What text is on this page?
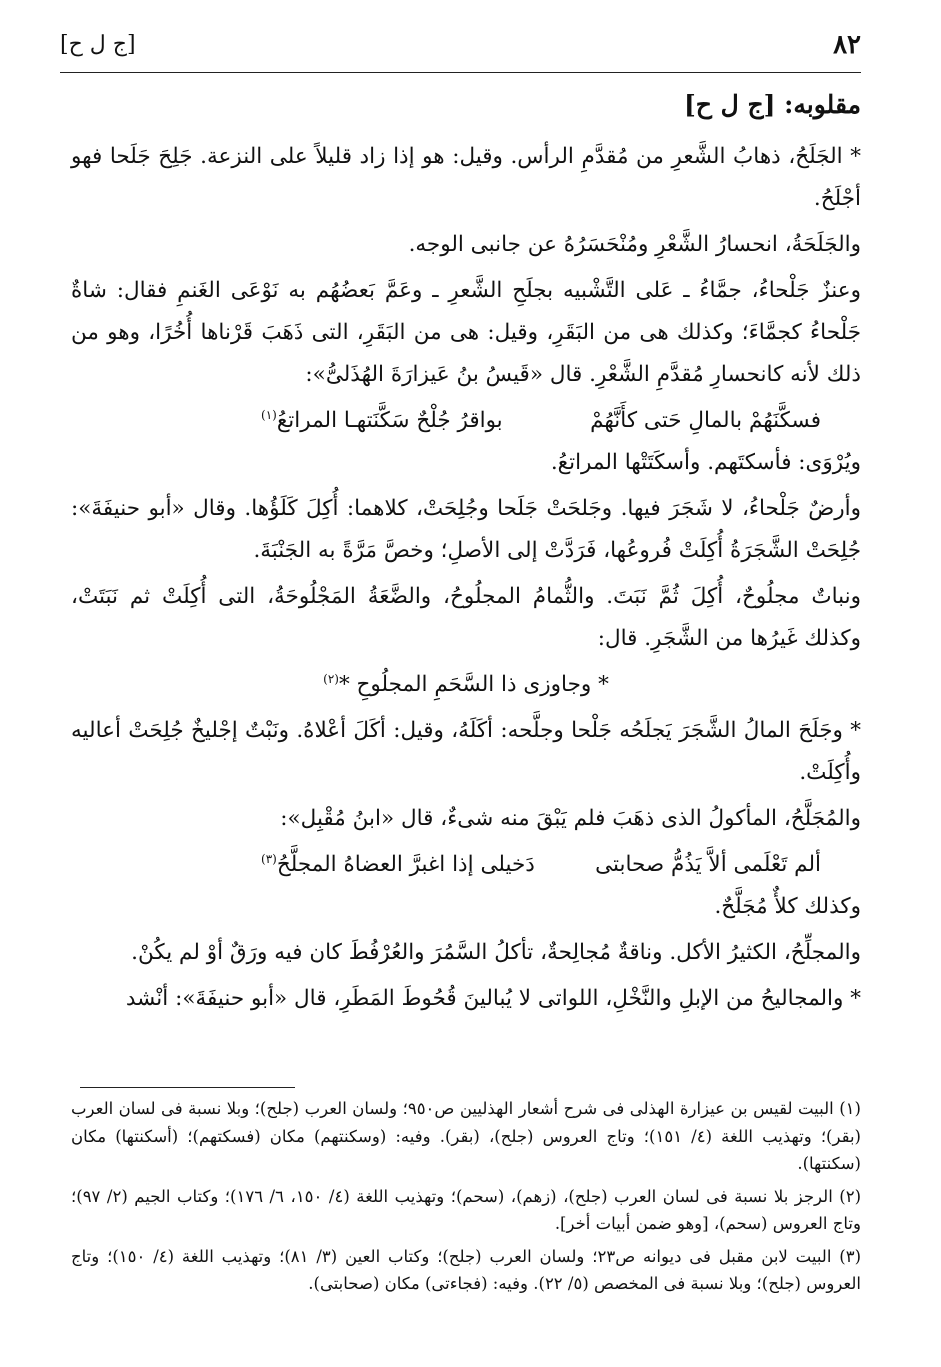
٨٢
[ج ل ح]
مقلوبه: [ج ل ح]

* الجَلَحُ، ذهابُ الشَّعرِ من مُقدَّمِ الرأس. وقيل: هو إذا زاد قليلاً على النزعة. جَلِحَ جَلَحا فهو أجْلَحُ.

والجَلَحَةُ، انحسارُ الشَّعْرِ ومُنْحَسَرُهُ عن جانبى الوجه.

وعنزٌ جَلْحاءُ، جمَّاءُ ـ عَلى التَّشْبيه بجلَحِ الشَّعرِ ـ وعَمَّ بَعضُهُم به نَوْعَى الغَنمِ فقال: شاةٌ جَلْحاءُ كجمَّاءَ؛ وكذلك هى من البَقَرِ، وقيل: هى من البَقَرِ، التى ذَهَبَ قَرْناها أُخُرًا، وهو من ذلك لأنه كانحسارِ مُقدَّمِ الشَّعْرِ. قال «قَيسُ بنُ عَيزارَةَ الهُذَلىُّ»:

فسكَّنَهُمْ بالمالِ حَتى كأَنَّهُمْ
بواقرُ جُلْحٌ سَكَّنَتهـا المراتعُ$^{(١)}$

ويُرْوَى: فأسكتَهم. وأسكَتَتْها المراتعُ.

وأرضٌ جَلْحاءُ، لا شَجَرَ فيها. وجَلحَتْ جَلَحا وجُلِحَتْ، كلاهما: أُكِلَ كَلَؤُها. وقال «أبو حنيفَةَ»: جُلِحَتْ الشَّجَرَةُ أُكِلَتْ فُروعُها، فَرَدَّتْ إلى الأصلِ؛ وخصَّ مَرَّةً به الجَنْبَةَ.

ونباتٌ مجلُوحٌ، أُكِلَ ثُمَّ نَبَتَ. والثُّمامُ المجلُوحُ، والضَّعَةُ المَجْلُوحَةُ، التى أُكِلَتْ ثم نَبَتَتْ، وكذلك غَيرُها من الشَّجَرِ. قال:

* وجاوزى ذا السَّحَمِ المجلُوحِ *$^{(٢)}$

* وجَلَحَ المالُ الشَّجَرَ يَجلَحُه جَلْحا وجلَّحه: أكَلَهُ، وقيل: أكَلَ أعْلاهُ. ونَبْتٌ إجْليخٌ جُلِحَتْ أعاليه وأُكِلَتْ.

والمُجَلَّحُ، المأكولُ الذى ذهَبَ فلم يَبْقَ منه شىءٌ، قال «ابنُ مُقْبِل»:

ألم تَعْلَمى ألاَّ يَذُمُّ صحابتى
دَخيلى إذا اغبرَّ العضاهُ المجلَّحُ$^{(٣)}$

وكذلك كلأٌ مُجَلَّحٌ.

والمجلِّحُ، الكثيرُ الأكل. وناقةٌ مُجالِحةٌ، تأكلُ السَّمُرَ والعُرْفُطَ كان فيه ورَقٌ أوْ لم يكُنْ.

* والمجاليحُ من الإبلِ والنَّخْلِ، اللواتى لا يُبالينَ قُحُوطَ المَطَرِ، قال «أبو حنيفَةَ»: أنْشد

(١) البيت لقيس بن عيزارة الهذلى فى شرح أشعار الهذليين ص٩٥٠؛ ولسان العرب (جلح)؛ وبلا نسبة فى لسان العرب (بقر)؛ وتهذيب اللغة (٤/ ١٥١)؛ وتاج العروس (جلح)، (بقر). وفيه: (وسكنتهم) مكان (فسكتهم)؛ (أسكنتها) مكان (سكنتها).

(٢) الرجز بلا نسبة فى لسان العرب (جلح)، (زهم)، (سحم)؛ وتهذيب اللغة (٤/ ١٥٠، ٦/ ١٧٦)؛ وكتاب الجيم (٢/ ٩٧)؛ وتاج العروس (سحم)، [وهو ضمن أبيات أخر].

(٣) البيت لابن مقبل فى ديوانه ص٢٣؛ ولسان العرب (جلح)؛ وكتاب العين (٣/ ٨١)؛ وتهذيب اللغة (٤/ ١٥٠)؛ وتاج العروس (جلح)؛ وبلا نسبة فى المخصص (٥/ ٢٢). وفيه: (فجاءتى) مكان (صحابتى).
